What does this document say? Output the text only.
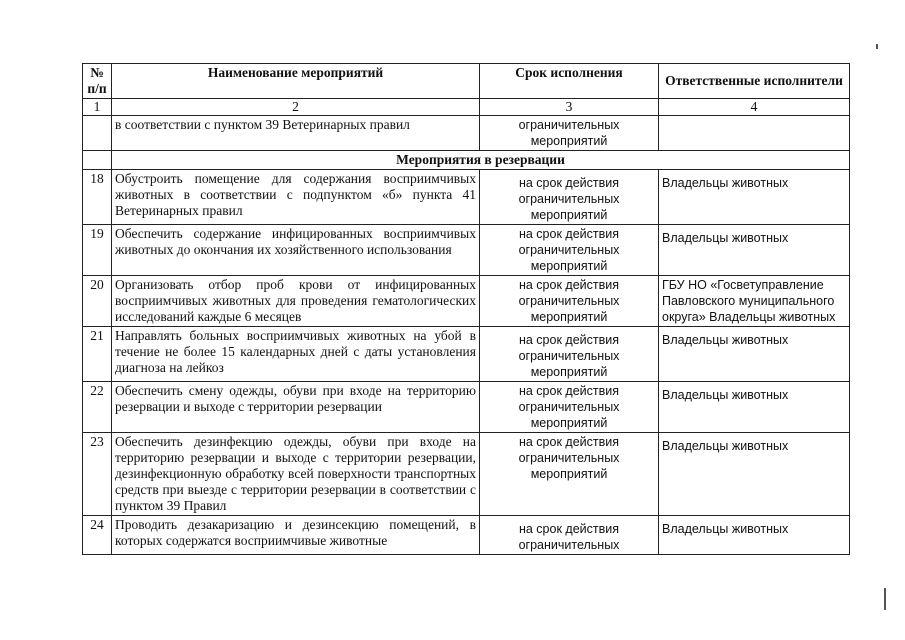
№ п/п	Наименование мероприятий	Срок исполнения	Ответственные исполнители
1	2	3	4
	в соответствии с пунктом 39 Ветеринарных правил	ограничительных мероприятий	
	Мероприятия в резервации		
18	Обустроить помещение для содержания восприимчивых животных в соответствии с подпунктом «б» пункта 41 Ветеринарных правил	на срок действия ограничительных мероприятий	Владельцы животных
19	Обеспечить содержание инфицированных восприимчивых животных до окончания их хозяйственного использования	на срок действия ограничительных мероприятий	Владельцы животных
20	Организовать отбор проб крови от инфицированных восприимчивых животных для проведения гематологических исследований каждые 6 месяцев	на срок действия ограничительных мероприятий	ГБУ НО «Госветуправление Павловского муниципального округа» Владельцы животных
21	Направлять больных восприимчивых животных на убой в течение не более 15 календарных дней с даты установления диагноза на лейкоз	на срок действия ограничительных мероприятий	Владельцы животных
22	Обеспечить смену одежды, обуви при входе на территорию резервации и выходе с территории резервации	на срок действия ограничительных мероприятий	Владельцы животных
23	Обеспечить дезинфекцию одежды, обуви при входе на территорию резервации и выходе с территории резервации, дезинфекционную обработку всей поверхности транспортных средств при выезде с территории резервации в соответствии с пунктом 39 Правил	на срок действия ограничительных мероприятий	Владельцы животных
24	Проводить дезакаризацию и дезинсекцию помещений, в которых содержатся восприимчивые животные	на срок действия ограничительных	Владельцы животных
